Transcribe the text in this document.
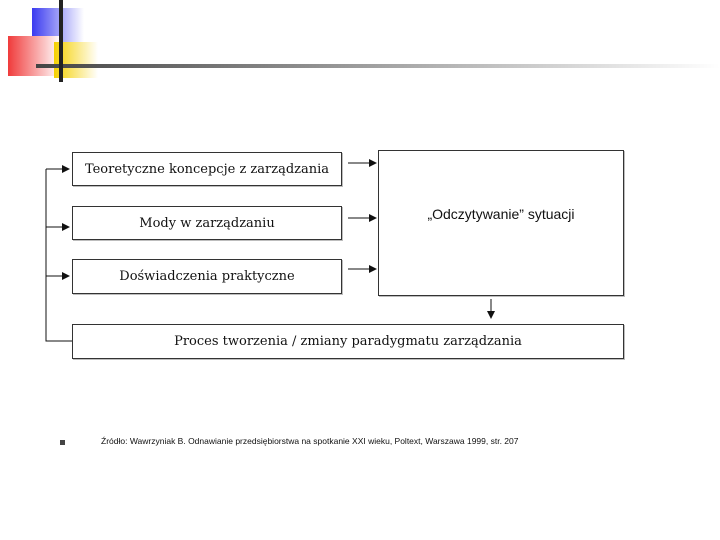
Teoretyczne koncepcje z zarządzania
Mody w zarządzaniu
Doświadczenia praktyczne
„Odczytywanie” sytuacji
Proces tworzenia / zmiany paradygmatu zarządzania
Źródło: Wawrzyniak B. Odnawianie przedsiębiorstwa na spotkanie XXI wieku, Poltext, Warszawa 1999, str. 207
